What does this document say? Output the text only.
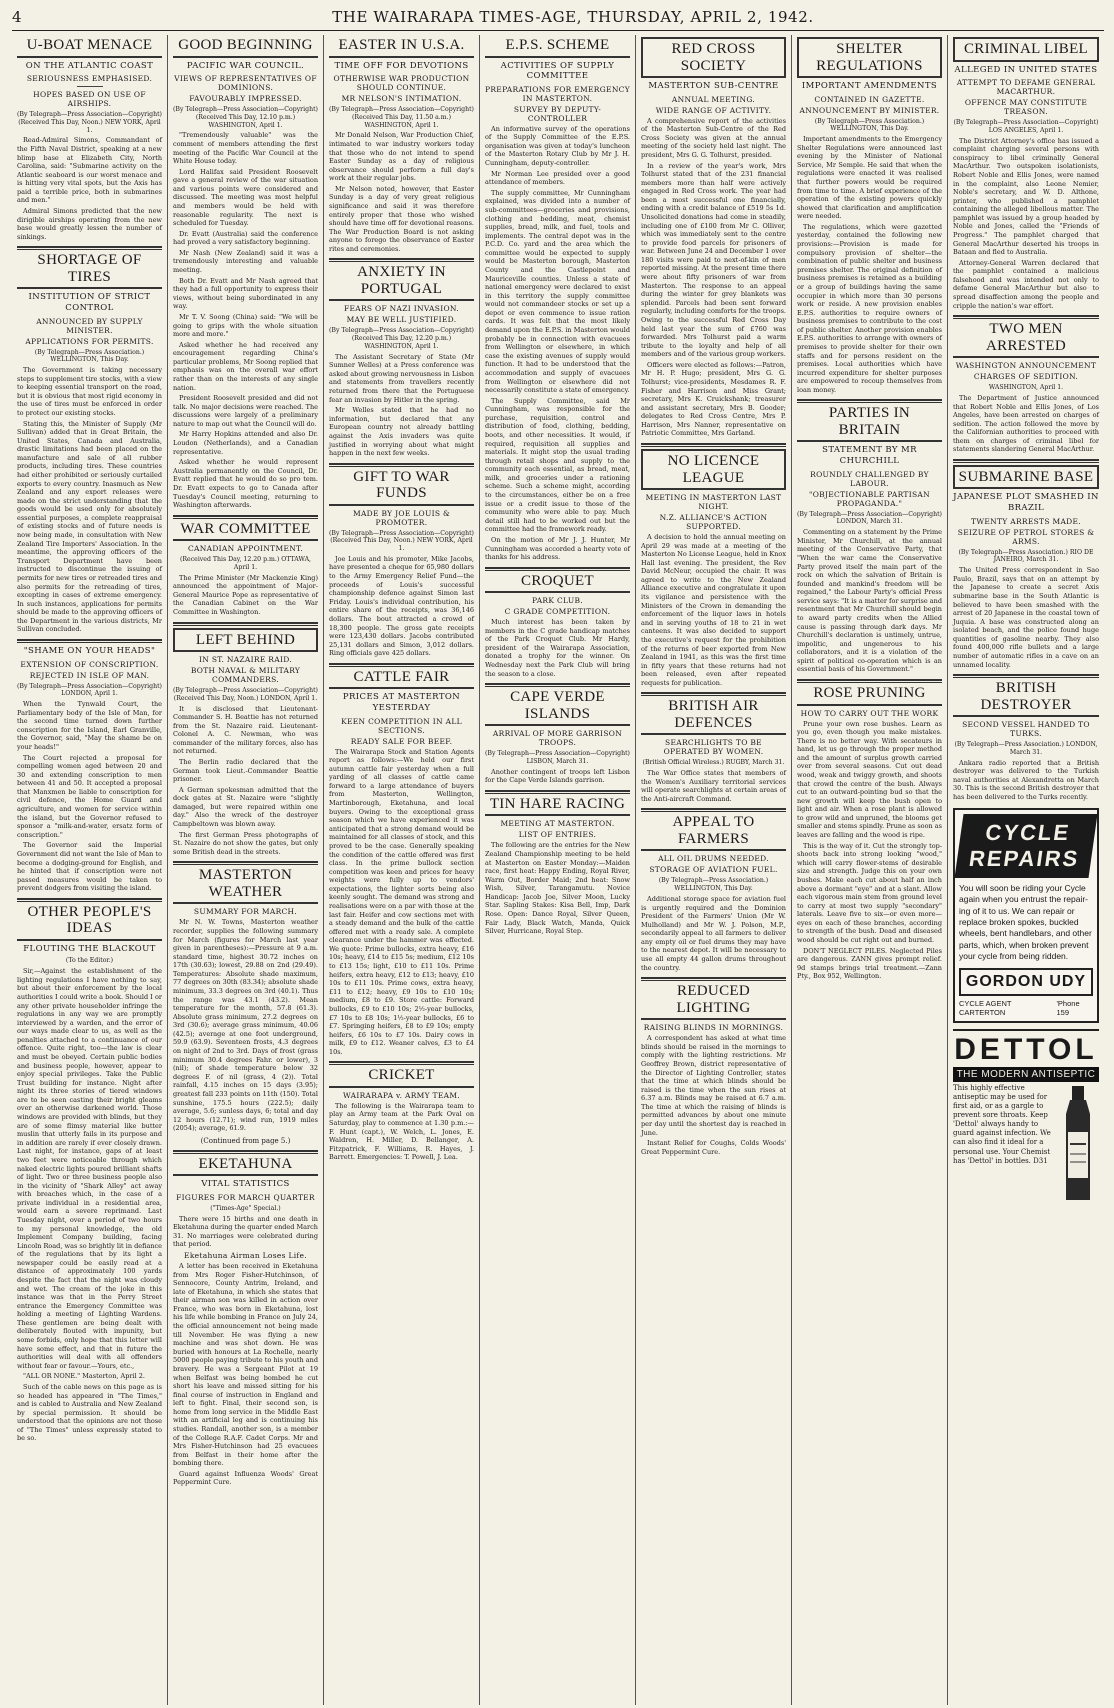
4	THE WAIRARAPA TIMES-AGE, THURSDAY, APRIL 2, 1942.
U-BOAT MENACE
ON THE ATLANTIC COAST
SERIOUSNESS EMPHASISED.
HOPES BASED ON USE OF AIRSHIPS.
(By Telegraph—Press Association—Copyright) (Received This Day, Noon.) NEW YORK, April 1.

Read-Admiral Simons, Commandant of the Fifth Naval District, speaking at a new blimp base at Elizabeth City, North Carolina, said: "Submarine activity on the Atlantic seaboard is our worst menace and is hitting very vital spots, but the Axis has paid a terrible price, both in submarines and men."

Admiral Simons predicted that the new dirigible airships operating from the new base would greatly lessen the number of sinkings.

SHORTAGE OF TIRES
INSTITUTION OF STRICT CONTROL
ANNOUNCED BY SUPPLY MINISTER.
APPLICATIONS FOR PERMITS.
(By Telegraph—Press Association.) WELLINGTON, This Day.

The Government is taking necessary steps to supplement tire stocks, with a view to keeping essential transport on the road, but it is obvious that most rigid economy in the use of tires must be enforced in order to protect our existing stocks.

Stating this, the Minister of Supply (Mr Sullivan) added that in Great Britain, the United States, Canada and Australia, drastic limitations had been placed on the manufacture and sale of all rubber products, including tires. These countries had either prohibited or seriously curtailed exports to every country. Inasmuch as New Zealand and any export releases were made on the strict understanding that the goods would be used only for absolutely essential purposes, a complete reappraisal of existing stocks and of future needs is now being made, in consultation with New Zealand Tire Importers' Association. In the meantime, the approving officers of the Transport Department have been instructed to discontinue the issuing of permits for new tires or retreaded tires and also permits for the retreading of tires, excepting in cases of extreme emergency. In such instances, applications for permits should be made to the approving officers of the Department in the various districts, Mr Sullivan concluded.

"SHAME ON YOUR HEADS"
EXTENSION OF CONSCRIPTION.
REJECTED IN ISLE OF MAN.
(By Telegraph—Press Association—Copyright) LONDON, April 1.

When the Tynwald Court, the Parliamentary body of the Isle of Man, for the second time turned down further conscription for the Island, Earl Granville, the Governor, said, "May the shame be on your heads!"

The Court rejected a proposal for compelling women aged between 20 and 30 and extending conscription to men between 41 and 50. It accepted a proposal that Manxmen be liable to conscription for civil defence, the Home Guard and agriculture, and women for service within the island, but the Governor refused to sponsor a "milk-and-water, ersatz form of conscription."

The Governor said the Imperial Government did not want the Isle of Man to become a dodging-ground for English, and he hinted that if conscription were not passed measures would be taken to prevent dodgers from visiting the island.

OTHER PEOPLE'S IDEAS
FLOUTING THE BLACKOUT
(To the Editor.)

Sir,—Against the establishment of the lighting regulations I have nothing to say, but about their enforcement by the local authorities I could write a book. Should I or any other private householder infringe the regulations in any way we are promptly interviewed by a warden, and the error of our ways made clear to us, as well as the penalties attached to a continuance of our offence. Quite right, too—the law is clear and must be obeyed. Certain public bodies and business people, however, appear to enjoy special privileges. Take the Public Trust building for instance. Night after night its three stories of tiered windows are to be seen casting their bright gleams over an otherwise darkened world. Those windows are provided with blinds, but they are of some flimsy material like butter muslin that utterly fails in its purpose and in addition are rarely if ever closely drawn. Last night, for instance, gaps of at least two feet were noticeable through which naked electric lights poured brilliant shafts of light. Two or three business people also in the vicinity of "Shark Alley" act away with breaches which, in the case of a private individual in a residential area, would earn a severe reprimand. Last Tuesday night, over a period of two hours to my personal knowledge, the old Implement Company building, facing Lincoln Road, was so brightly lit in defiance of the regulations that by its light a newspaper could be easily read at a distance of approximately 100 yards despite the fact that the night was cloudy and wet. The cream of the joke in this instance was that in the Perry Street entrance the Emergency Committee was holding a meeting of Lighting Wardens. These gentlemen are being dealt with deliberately flouted with impunity, but some forbids, only hope that this letter will have some effect, and that in future the authorities will deal with all offenders without fear or favour.—Yours, etc.,

"ALL OR NONE." Masterton, April 2.

Such of the cable news on this page as is so headed has appeared in "The Times," and is cabled to Australia and New Zealand by special permission. It should be understood that the opinions are not those of "The Times" unless expressly stated to be so.

GOOD BEGINNING
PACIFIC WAR COUNCIL.
VIEWS OF REPRESENTATIVES OF DOMINIONS.
FAVOURABLY IMPRESSED.
(By Telegraph—Press Association—Copyright) (Received This Day, 12.10 p.m.) WASHINGTON, April 1.

"Tremendously valuable" was the comment of members attending the first meeting of the Pacific War Council at the White House today.

Lord Halifax said President Roosevelt gave a general review of the war situation and various points were considered and discussed. The meeting was most helpful and members would be held with reasonable regularity. The next is scheduled for Tuesday.

Dr. Evatt (Australia) said the conference had proved a very satisfactory beginning.

Mr Nash (New Zealand) said it was a tremendously interesting and valuable meeting.

Both Dr. Evatt and Mr Nash agreed that they had a full opportunity to express their views, without being subordinated in any way.

Mr T. V. Soong (China) said: "We will be going to grips with the whole situation more and more."

Asked whether he had received any encouragement regarding China's particular problems, Mr Soong replied that emphasis was on the overall war effort rather than on the interests of any single nation.

President Roosevelt presided and did not talk. No major decisions were reached. The discussions were largely of a preliminary nature to map out what the Council will do.

Mr Harry Hopkins attended and also Dr. Loudon (Netherlands), and a Canadian representative.

Asked whether he would represent Australia permanently on the Council, Dr. Evatt replied that he would do so pro tem. Dr. Evatt expects to go to Canada after Tuesday's Council meeting, returning to Washington afterwards.

WAR COMMITTEE
CANADIAN APPOINTMENT.
(Received This Day, 12.20 p.m.) OTTAWA, April 1.

The Prime Minister (Mr Mackenzie King) announced the appointment of Major-General Maurice Pope as representative of the Canadian Cabinet on the War Committee in Washington.

LEFT BEHIND
IN ST. NAZAIRE RAID.
BOTH NAVAL & MILITARY COMMANDERS.
(By Telegraph—Press Association—Copyright) (Received This Day, Noon.) LONDON, April 1.

It is disclosed that Lieutenant-Commander S. H. Beattie has not returned from the St. Nazaire raid. Lieutenant-Colonel A. C. Newman, who was commander of the military forces, also has not returned.

The Berlin radio declared that the German took Lieut.-Commander Beattie prisoner.

A German spokesman admitted that the dock gates at St. Nazaire were "slightly damaged, but were repaired within one day." Also the wreck of the destroyer Campbeltown was blown away.

The first German Press photographs of St. Nazaire do not show the gates, but only some British dead in the streets.

MASTERTON WEATHER
SUMMARY FOR MARCH.

Mr N. W. Towns, Masterton weather recorder, supplies the following summary for March (figures for March last year given in parentheses):—Pressure at 9 a.m. standard time, highest 30.72 inches on 17th (30.63); lowest, 29.88 on 2nd (29.49). Temperatures: Absolute shade maximum, 77 degrees on 30th (83.34); absolute shade minimum, 33.3 degrees on 3rd (40.1). Thus the range was 43.1 (43.2). Mean temperature for the month, 57.8 (61.3). Absolute grass minimum, 27.2 degrees on 3rd (30.6); average grass minimum, 40.06 (42.5); average at one foot underground, 59.9 (63.9). Seventeen frosts, 4.3 degrees on night of 2nd to 3rd. Days of frost (grass minimum 30.4 degrees Fahr. or lower), 3 (nil); of shade temperature below 32 degrees F. of nil (grass, 4 (2)). Total rainfall, 4.15 inches on 15 days (3.95); greatest fall 233 points on 11th (150). Total sunshine, 175.5 hours (222.5); daily average, 5.6; sunless days, 6; total and day 12 hours (12.71); wind run, 1919 miles (2054); average, 61.9.

(Continued from page 5.)
EKETAHUNA
VITAL STATISTICS
FIGURES FOR MARCH QUARTER
("Times-Age" Special.)

There were 15 births and one death in Eketahuna during the quarter ended March 31. No marriages were celebrated during that period.

Eketahuna Airman Loses Life.

A letter has been received in Eketahuna from Mrs Roger Fisher-Hutchinson, of Sennocore, County Antrim, Ireland, and late of Eketahuna, in which she states that their airman son was killed in action over France, who was born in Eketahuna, lost his life while bombing in France on July 24, the official announcement not being made till November. He was flying a new machine and was shot down. He was buried with honours at La Rochelle, nearly 5000 people paying tribute to his youth and bravery. He was a Sergeant Pilot at 19 when Belfast was being bombed he cut short his leave and missed sitting for his final course of instruction in England and left to fight. Final, their second son, is home from long service in the Middle East with an artificial leg and is continuing his studies. Randall, another son, is a member of the College R.A.F. Cadet Corps. Mr and Mrs Fisher-Hutchinson had 25 evacuees from Belfast in their home after the bombing there.

Guard against Influenza Woods' Great Peppermint Cure.

EASTER IN U.S.A.
TIME OFF FOR DEVOTIONS
OTHERWISE WAR PRODUCTION SHOULD CONTINUE.
MR NELSON'S INTIMATION.
(By Telegraph—Press Association—Copyright) (Received This Day, 11.50 a.m.) WASHINGTON, April 1.

Mr Donald Nelson, War Production Chief, intimated to war industry workers today that those who do not intend to spend Easter Sunday as a day of religious observance should perform a full day's work at their regular jobs.

Mr Nelson noted, however, that Easter Sunday is a day of very great religious significance and said it was therefore entirely proper that those who wished should have time off for devotional reasons. The War Production Board is not asking anyone to forego the observance of Easter rites and ceremonies.

ANXIETY IN PORTUGAL
FEARS OF NAZI INVASION.
MAY BE WELL JUSTIFIED.
(By Telegraph—Press Association—Copyright) (Received This Day, 12.20 p.m.) WASHINGTON, April 1.

The Assistant Secretary of State (Mr Sumner Welles) at a Press conference was asked about growing nervousness in Lisbon and statements from travellers recently returned from there that the Portuguese fear an invasion by Hitler in the spring.

Mr Welles stated that he had no information, but declared that any European country not already battling against the Axis invaders was quite justified in worrying about what might happen in the next few weeks.

GIFT TO WAR FUNDS
MADE BY JOE LOUIS & PROMOTER.
(By Telegraph—Press Association—Copyright) (Received This Day, Noon.) NEW YORK, April 1.

Joe Louis and his promoter, Mike Jacobs, have presented a cheque for 65,980 dollars to the Army Emergency Relief Fund—the proceeds of Louis's successful championship defence against Simon last Friday. Louis's individual contribution, his entire share of the receipts, was 36,146 dollars. The bout attracted a crowd of 18,300 people. The gross gate receipts were 123,430 dollars. Jacobs contributed 25,131 dollars and Simon, 3,012 dollars. Ring officials gave 425 dollars.

CATTLE FAIR
PRICES AT MASTERTON YESTERDAY
KEEN COMPETITION IN ALL SECTIONS.
READY SALE FOR BEEF.

The Wairarapa Stock and Station Agents report as follows:—We held our first autumn cattle fair yesterday when a full yarding of all classes of cattle came forward to a large attendance of buyers from Masterton, Wellington, Martinborough, Eketahuna, and local buyers. Owing to the exceptional grass season which we have experienced it was anticipated that a strong demand would be maintained for all classes of stock, and this proved to be the case. Generally speaking the condition of the cattle offered was first class. In the prime bullock section competition was keen and prices for heavy weights were fully up to vendors' expectations, the lighter sorts being also keenly sought. The demand was strong and realisations were on a par with those at the last fair. Heifer and cow sections met with a steady demand and the bulk of the cattle offered met with a ready sale. A complete clearance under the hammer was effected. We quote: Prime bullocks, extra heavy, £16 10s; heavy, £14 to £15 5s; medium, £12 10s to £13 15s; light, £10 to £11 10s. Prime heifers, extra heavy, £12 to £13; heavy, £10 10s to £11 10s. Prime cows, extra heavy, £11 to £12; heavy, £9 10s to £10 10s; medium, £8 to £9. Store cattle: Forward bullocks, £9 to £10 10s; 2½-year bullocks, £7 10s to £8 10s; 1½-year bullocks, £6 to £7. Springing heifers, £8 to £9 10s; empty heifers, £6 10s to £7 10s. Dairy cows in milk, £9 to £12. Weaner calves, £3 to £4 10s.

CRICKET
WAIRARAPA v. ARMY TEAM.

The following is the Wairarapa team to play an Army team at the Park Oval on Saturday, play to commence at 1.30 p.m.:—F. Hunt (capt.), W. Welch, L. Jones, E. Waldren, H. Miller, D. Bellanger, A. Fitzpatrick, F. Williams, R. Hayes, J. Barrett. Emergencies: T. Powell, J. Lea.

E.P.S. SCHEME
ACTIVITIES OF SUPPLY COMMITTEE
PREPARATIONS FOR EMERGENCY IN MASTERTON.
SURVEY BY DEPUTY-CONTROLLER

An informative survey of the operations of the Supply Committee of the E.P.S. organisation was given at today's luncheon of the Masterton Rotary Club by Mr J. H. Cunningham, deputy-controller.

Mr Norman Lee presided over a good attendance of members.

The supply committee, Mr Cunningham explained, was divided into a number of sub-committees—groceries and provisions, clothing and bedding, meat, chemist supplies, bread, milk, and fuel, tools and implements. The central depot was in the P.C.D. Co. yard and the area which the committee would be expected to supply would be Masterton borough, Masterton County and the Castlepoint and Mauriceville counties. Unless a state of national emergency were declared to exist in this territory the supply committee would not commandeer stocks or set up a depot or even commence to issue ration cards. It was felt that the most likely demand upon the E.P.S. in Masterton would probably be in connection with evacuees from Wellington or elsewhere, in which case the existing avenues of supply would function. It had to be understood that the accommodation and supply of evacuees from Wellington or elsewhere did not necessarily constitute a state of emergency.

The Supply Committee, said Mr Cunningham, was responsible for the purchase, requisition, control and distribution of food, clothing, bedding, boots, and other necessities. It would, if required, requisition all supplies and materials. It might stop the usual trading through retail shops and supply to the community each essential, as bread, meat, milk, and groceries under a rationing scheme. Such a scheme might, according to the circumstances, either be on a free issue or a credit issue to those of the community who were able to pay. Much detail still had to be worked out but the committee had the framework ready.

On the motion of Mr J. J. Hunter, Mr Cunningham was accorded a hearty vote of thanks for his address.

CROQUET
PARK CLUB.
C GRADE COMPETITION.

Much interest has been taken by members in the C grade handicap matches of the Park Croquet Club. Mr Hardy, president of the Wairarapa Association, donated a trophy for the winner. On Wednesday next the Park Club will bring the season to a close.

CAPE VERDE ISLANDS
ARRIVAL OF MORE GARRISON TROOPS.
(By Telegraph—Press Association—Copyright) LISBON, March 31.

Another contingent of troops left Lisbon for the Cape Verde Islands garrison.

TIN HARE RACING
MEETING AT MASTERTON.
LIST OF ENTRIES.

The following are the entries for the New Zealand Championship meeting to be held at Masterton on Easter Monday:—Maiden race, first heat: Happy Ending, Royal River, Warm Out, Border Maid; 2nd heat: Snow Wish, Silver, Tarangamutu. Novice Handicap: Jacob Joe, Silver Moon, Lucky Star. Sapling Stakes: Kisa Bell, Imp, Dark Rose. Open: Dance Royal, Silver Queen, Fair Lady, Black Watch, Manda, Quick Silver, Hurricane, Royal Step.

RED CROSS SOCIETY
MASTERTON SUB-CENTRE
ANNUAL MEETING.
WIDE RANGE OF ACTIVITY.

A comprehensive report of the activities of the Masterton Sub-Centre of the Red Cross Society was given at the annual meeting of the society held last night. The president, Mrs G. G. Tolhurst, presided.

In a review of the year's work, Mrs Tolhurst stated that of the 231 financial members more than half were actively engaged in Red Cross work. The year had been a most successful one financially, ending with a credit balance of £519 5s 1d. Unsolicited donations had come in steadily, including one of £100 from Mr C. Olliver, which was immediately sent to the centre to provide food parcels for prisoners of war. Between June 24 and December 1 over 180 visits were paid to next-of-kin of men reported missing. At the present time there were about fifty prisoners of war from Masterton. The response to an appeal during the winter for grey blankets was splendid. Parcels had been sent forward regularly, including comforts for the troops. Owing to the successful Red Cross Day held last year the sum of £760 was forwarded. Mrs Tolhurst paid a warm tribute to the loyalty and help of all members and of the various group workers.

Officers were elected as follows:—Patron, Mr H. P. Hugo; president, Mrs G. G. Tolhurst; vice-presidents, Mesdames R. F. Fisher and Harrison and Miss Grant; secretary, Mrs K. Cruickshank; treasurer and assistant secretary, Mrs B. Gooder; delegates to Red Cross Centre, Mrs P. Harrison, Mrs Nanner, representative on Patriotic Committee, Mrs Garland.

NO LICENCE LEAGUE
MEETING IN MASTERTON LAST NIGHT.
N.Z. ALLIANCE'S ACTION SUPPORTED.

A decision to hold the annual meeting on April 29 was made at a meeting of the Masterton No License League, held in Knox Hall last evening. The president, the Rev David McNeur, occupied the chair. It was agreed to write to the New Zealand Alliance executive and congratulate it upon its vigilance and persistence with the Ministers of the Crown in demanding the enforcement of the liquor laws in hotels and in serving youths of 18 to 21 in wet canteens. It was also decided to support the executive's request for the prohibition of the returns of beer exported from New Zealand in 1941, as this was the first time in fifty years that these returns had not been released, even after repeated requests for publication.

BRITISH AIR DEFENCES
SEARCHLIGHTS TO BE OPERATED BY WOMEN.
(British Official Wireless.) RUGBY, March 31.

The War Office states that members of the Women's Auxiliary territorial services will operate searchlights at certain areas of the Anti-aircraft Command.

APPEAL TO FARMERS
ALL OIL DRUMS NEEDED.
STORAGE OF AVIATION FUEL.
(By Telegraph—Press Association.) WELLINGTON, This Day.

Additional storage space for aviation fuel is urgently required and the Dominion President of the Farmers' Union (Mr W. Mulholland) and Mr W. J. Polson, M.P., secondarily appeal to all farmers to deliver any empty oil or fuel drums they may have to the nearest depot. It will be necessary to use all empty 44 gallon drums throughout the country.

REDUCED LIGHTING
RAISING BLINDS IN MORNINGS.

A correspondent has asked at what time blinds should be raised in the mornings to comply with the lighting restrictions. Mr Geoffrey Brown, district representative of the Director of Lighting Controller, states that the time at which blinds should be raised is the time when the sun rises at 6.37 a.m. Blinds may be raised at 6.7 a.m. The time at which the raising of blinds is permitted advances by about one minute per day until the shortest day is reached in June.

Instant Relief for Coughs, Colds Woods' Great Peppermint Cure.

SHELTER REGULATIONS
IMPORTANT AMENDMENTS
CONTAINED IN GAZETTE.
ANNOUNCEMENT BY MINISTER.
(By Telegraph—Press Association.) WELLINGTON, This Day.

Important amendments to the Emergency Shelter Regulations were announced last evening by the Minister of National Service, Mr Semple. He said that when the regulations were enacted it was realised that further powers would be required from time to time. A brief experience of the operation of the existing powers quickly showed that clarification and amplification were needed.

The regulations, which were gazetted yesterday, contained the following new provisions:—Provision is made for compulsory provision of shelter—the combination of public shelter and business premises shelter. The original definition of business premises is retained as a building or a group of buildings having the same occupier in which more than 30 persons work or reside. A new provision enables E.P.S. authorities to require owners of business premises to contribute to the cost of public shelter. Another provision enables E.P.S. authorities to arrange with owners of premises to provide shelter for their own staffs and for persons resident on the premises. Local authorities which have incurred expenditure for shelter purposes are empowered to recoup themselves from loan money.

PARTIES IN BRITAIN
STATEMENT BY MR CHURCHILL
ROUNDLY CHALLENGED BY LABOUR.
"OBJECTIONABLE PARTISAN PROPAGANDA."
(By Telegraph—Press Association—Copyright) LONDON, March 31.

Commenting on a statement by the Prime Minister, Mr Churchill, at the annual meeting of the Conservative Party, that "When the war came the Conservative Party proved itself the main part of the rock on which the salvation of Britain is founded and mankind's freedom will be regained," the Labour Party's official Press service says: "It is a matter for surprise and resentment that Mr Churchill should begin to award party credits when the Allied cause is passing through dark days. Mr Churchill's declaration is untimely, untrue, impolitic, and ungenerous to his collaborators, and it is a violation of the spirit of political co-operation which is an essential basis of his Government."

ROSE PRUNING
HOW TO CARRY OUT THE WORK

Prune your own rose bushes. Learn as you go, even though you make mistakes. There is no better way. With secateurs in hand, let us go through the proper method and the amount of surplus growth carried over from several seasons. Cut out dead wood, weak and twiggy growth, and shoots that crowd the centre of the bush. Always cut to an outward-pointing bud so that the new growth will keep the bush open to light and air. When a rose plant is allowed to grow wild and unpruned, the blooms get smaller and stems spindly. Prune as soon as leaves are falling and the wood is ripe.

This is the way of it. Cut the strongly top-shoots back into strong looking "wood," which will carry flower-stems of desirable size and strength. Judge this on your own bushes. Make each cut about half an inch above a dormant "eye" and at a slant. Allow each vigorous main stem from ground level to carry at most two supply "secondary" laterals. Leave five to six—or even more—eyes on each of these branches, according to strength of the bush. Dead and diseased wood should be cut right out and burned.

DON'T NEGLECT PILES. Neglected Piles are dangerous. ZANN gives prompt relief. 9d stamps brings trial treatment.—Zann Pty., Box 952, Wellington.

CRIMINAL LIBEL
ALLEGED IN UNITED STATES
ATTEMPT TO DEFAME GENERAL MACARTHUR.
OFFENCE MAY CONSTITUTE TREASON.
(By Telegraph—Press Association—Copyright) LOS ANGELES, April 1.

The District Attorney's office has issued a complaint charging several persons with conspiracy to libel criminally General MacArthur. Two outspoken isolationists, Robert Noble and Ellis Jones, were named in the complaint, also Leone Nemier, Noble's secretary, and W. D. Althone, printer, who published a pamphlet containing the alleged libellous matter. The pamphlet was issued by a group headed by Noble and Jones, called the "Friends of Progress." The pamphlet charged that General MacArthur deserted his troops in Bataan and fled to Australia.

Attorney-General Warren declared that the pamphlet contained a malicious falsehood and was intended not only to defame General MacArthur but also to spread disaffection among the people and cripple the nation's war effort.

TWO MEN ARRESTED
WASHINGTON ANNOUNCEMENT
CHARGES OF SEDITION.
WASHINGTON, April 1.

The Department of Justice announced that Robert Noble and Ellis Jones, of Los Angeles, have been arrested on charges of sedition. The action followed the move by the Californian authorities to proceed with them on charges of criminal libel for statements slandering General MacArthur.

SUBMARINE BASE
JAPANESE PLOT SMASHED IN BRAZIL
TWENTY ARRESTS MADE.
SEIZURE OF PETROL STORES & ARMS.
(By Telegraph—Press Association.) RIO DE JANEIRO, March 31.

The United Press correspondent in Sao Paulo, Brazil, says that on an attempt by the Japanese to create a secret Axis submarine base in the South Atlantic is believed to have been smashed with the arrest of 20 Japanese in the coastal town of Juquia. A base was constructed along an isolated beach, and the police found huge quantities of gasoline nearby. They also found 400,000 rifle bullets and a large number of automatic rifles in a cave on an unnamed locality.

BRITISH DESTROYER
SECOND VESSEL HANDED TO TURKS.
(By Telegraph—Press Association.) LONDON, March 31.

Ankara radio reported that a British destroyer was delivered to the Turkish naval authorities at Alexandretta on March 30. This is the second British destroyer that has been delivered to the Turks recently.

CYCLE REPAIRS
You will soon be riding your Cycle again when you entrust the repair- ing of it to us. We can repair or replace broken spokes, buckled wheels, bent handlebars, and other parts, which, when broken prevent your cycle from being ridden.
GORDON UDY
CYCLE AGENT CARTERTON
'Phone 159
DETTOL
THE MODERN ANTISEPTIC
This highly effective antiseptic may be used for first aid, or as a gargle to prevent sore throats. Keep 'Dettol' always handy to guard against infection. We can also find it ideal for a personal use. Your Chemist has 'Dettol' in bottles. D31
